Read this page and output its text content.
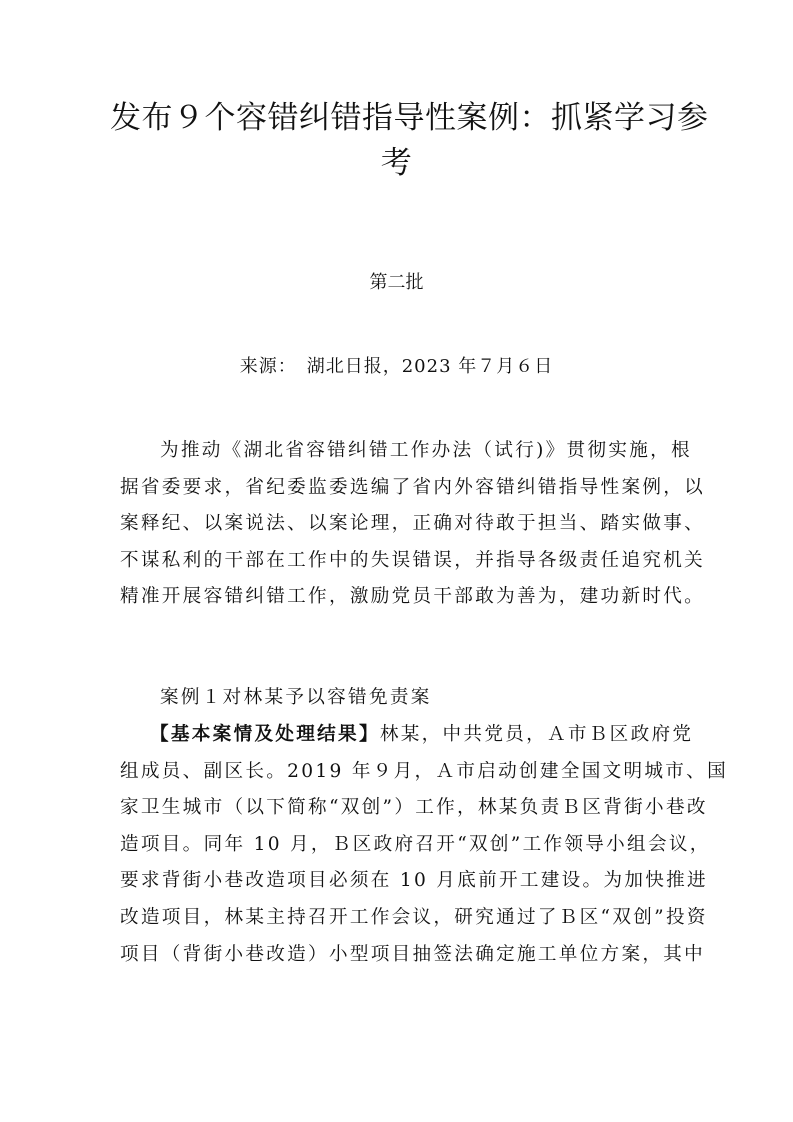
发布９个容错纠错指导性案例：抓紧学习参
考

第二批

来源：　湖北日报，2023 年７月６日

为推动《湖北省容错纠错工作办法（试行)》贯彻实施，根
据省委要求，省纪委监委选编了省内外容错纠错指导性案例，以
案释纪、以案说法、以案论理，正确对待敢于担当、踏实做事、
不谋私利的干部在工作中的失误错误，并指导各级责任追究机关
精准开展容错纠错工作，激励党员干部敢为善为，建功新时代。
案例１对林某予以容错免责案
【基本案情及处理结果】林某，中共党员，Ａ市Ｂ区政府党
组成员、副区长。2019 年９月，Ａ市启动创建全国文明城市、国
家卫生城市（以下简称“双创”）工作，林某负责Ｂ区背街小巷改
造项目。同年 10 月，Ｂ区政府召开“双创”工作领导小组会议，
要求背街小巷改造项目必须在 10 月底前开工建设。为加快推进
改造项目，林某主持召开工作会议，研究通过了Ｂ区“双创”投资
项目（背街小巷改造）小型项目抽签法确定施工单位方案，其中
